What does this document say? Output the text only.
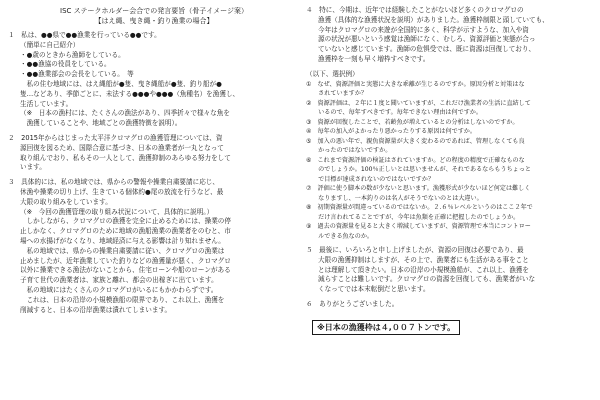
ISC ステークホルダー会合での発言要旨（骨子イメージ案）
【はえ縄、曳き縄・釣り漁業の場合】
１　私は、●●県で●●漁業を行っている●●です。
（簡単に自己紹介）
・●歳のときから漁師をしている。
・●●漁協の役員をしている。
・●●漁業部会の会長をしている。　等
　私の住む地域には、はえ縄船が●隻、曳き縄船が●隻、釣り船が●
隻…などあり、季節ごとに、未法する●●●や●●●（魚種名）を漁獲し、
生活しています。
（※　日本の漁村には、たくさんの漁法があり、四季折々で様々な魚を
　漁獲していることや、地域ごとの漁獲特徴を説明）。
２　2015年からはじまった太平洋クロマグロの漁獲管理については、資
源回復を図るため、国際合意に基づき、日本の漁業者が一丸となって
取り組んでおり、私もその一人として、漁獲抑制のあらゆる努力をして
います。
３　具体的には、私の地域では、県からの警報や操業自粛要請に応じ、
休漁や操業の切り上げ、生きている個体約●尾の放流を行うなど、最
大限の取り組みをしています。
（※　今回の漁獲管理の取り組み状況について、具体的に説明。）
　しかしながら、クロマグロの漁獲を完全に止めるためには、操業の停
止しかなく、クロマグロのために地域の漁船漁業の漁業者をのむと、市
場への水揚げがなくなり、地域経済に与える影響は計り知れません。
　私の地域では、県からの操業自粛要請に従い、クロマグロの漁業は
止めましたが、近年漁業していた釣りなどの漁獲量が悪く、クロマグロ
以外に操業できる漁法がないことから、住宅ローンや船のローンがある
子育て世代の漁業者は、家族と離れ、都会の出稼ぎに出ています。
　私の地域にはたくさんのクロマグロがいるにもかかわらずです。
　これは、日本の沿岸の小規模漁船の限界であり、これ以上、漁獲を
削減すると、日本の沿岸漁業は潰れてしまいます。
４　特に、今期は、近年では経験したことがないほど多くのクロマグロの
漁獲（具体的な漁獲状況を説明）がありました。漁獲枠制限と頭していても、
今年はクロマグロの来遊が全国的に多く、科学が示すような、加入や資
源の状況が悪いという感覚は漁師になく、むしろ、資源評価と実態が合っ
ていないと感じています。漁師の危惧受では、既に資源は回復しており、
漁獲枠を一刻も早く増枠すべきです。
（以下、選択例）
①　なぜ、資源評価と実態に大きな乖離が生じるのですか。原因分析と対策はな
　　されていますか？
②　資源評価は、２年に１度と聞いていますが、これだけ漁業者の生活に直結して
　　いるので、毎年すべきです。毎年できない理由は何ですか。
③　資源が回復したことで、若齢魚が増えているとの分析はしないのですか。
④　毎年の加入がよかったり悪かったりする原因は何ですか。
⑤　加入の悪い年で、親魚資源量が大きく変わるのであれば、管理しなくても良
　　かったのではないですか。
⑥　これまで資源評価の検証はされていますか。どの程度の精度で正確なものな
　　のでしょうか。100％正しいとは思いませんが、それであるならもうちょっと
　　で目標が達成されないのではないですか？
⑦　評価に使う脚本の数が少ないと思います。漁獲形式が少ないほど何定は難しく
　　なりますし、一本釣りのは名人がそうでないのとは大違い。
⑧　初期資源量が間違っているのではないか。２.６％レベルというのはここ２年で
　　だけ言われてることですが、今年は魚類を正確に把握したのでしょうか。
⑨　過去の資源量を見ると大きく増減していますが、資源管理で本当にコントロー
　　ルできる魚なのか。
５　最後に、いろいろと申し上げましたが、資源の回復は必要であり、最
大限の漁獲抑制はしますが、その上で、漁業者にも生活がある事をこと
とは理解して頂きたい。日本の沿岸の小規模漁船が、これ以上、漁獲を
減らすことは難しいです。クロマグロの資源を回復しても、漁業者がいな
くなってでは本末転倒だと思います。
６　ありがとうございました。
※日本の漁獲枠は４,００７トンです。
